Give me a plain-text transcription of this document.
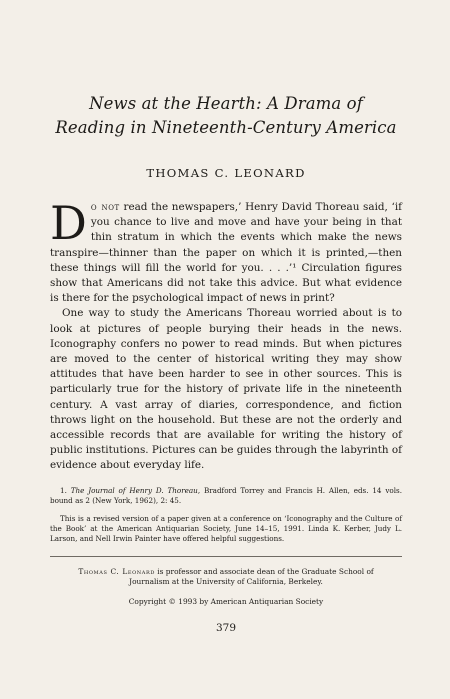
News at the Hearth: A Drama of
Reading in Nineteenth-Century America
THOMAS C. LEONARD

Do not read the newspapers,’ Henry David Thoreau said, ‘if you chance to live and move and have your being in that thin stratum in which the events which make the news transpire—thinner than the paper on which it is printed,—then these things will fill the world for you. . . .’¹ Circulation figures show that Americans did not take this advice. But what evidence is there for the psychological impact of news in print?

One way to study the Americans Thoreau worried about is to look at pictures of people burying their heads in the news. Iconography confers no power to read minds. But when pictures are moved to the center of historical writing they may show attitudes that have been harder to see in other sources. This is particularly true for the history of private life in the nineteenth century. A vast array of diaries, correspondence, and fiction throws light on the household. But these are not the orderly and accessible records that are available for writing the history of public institutions. Pictures can be guides through the labyrinth of evidence about everyday life.

1. The Journal of Henry D. Thoreau, Bradford Torrey and Francis H. Allen, eds. 14 vols. bound as 2 (New York, 1962), 2: 45.

This is a revised version of a paper given at a conference on ‘Iconography and the Culture of the Book’ at the American Antiquarian Society, June 14–15, 1991. Linda K. Kerber, Judy L. Larson, and Nell Irwin Painter have offered helpful suggestions.

Thomas C. Leonard is professor and associate dean of the Graduate School of Journalism at the University of California, Berkeley.
Copyright © 1993 by American Antiquarian Society
379
